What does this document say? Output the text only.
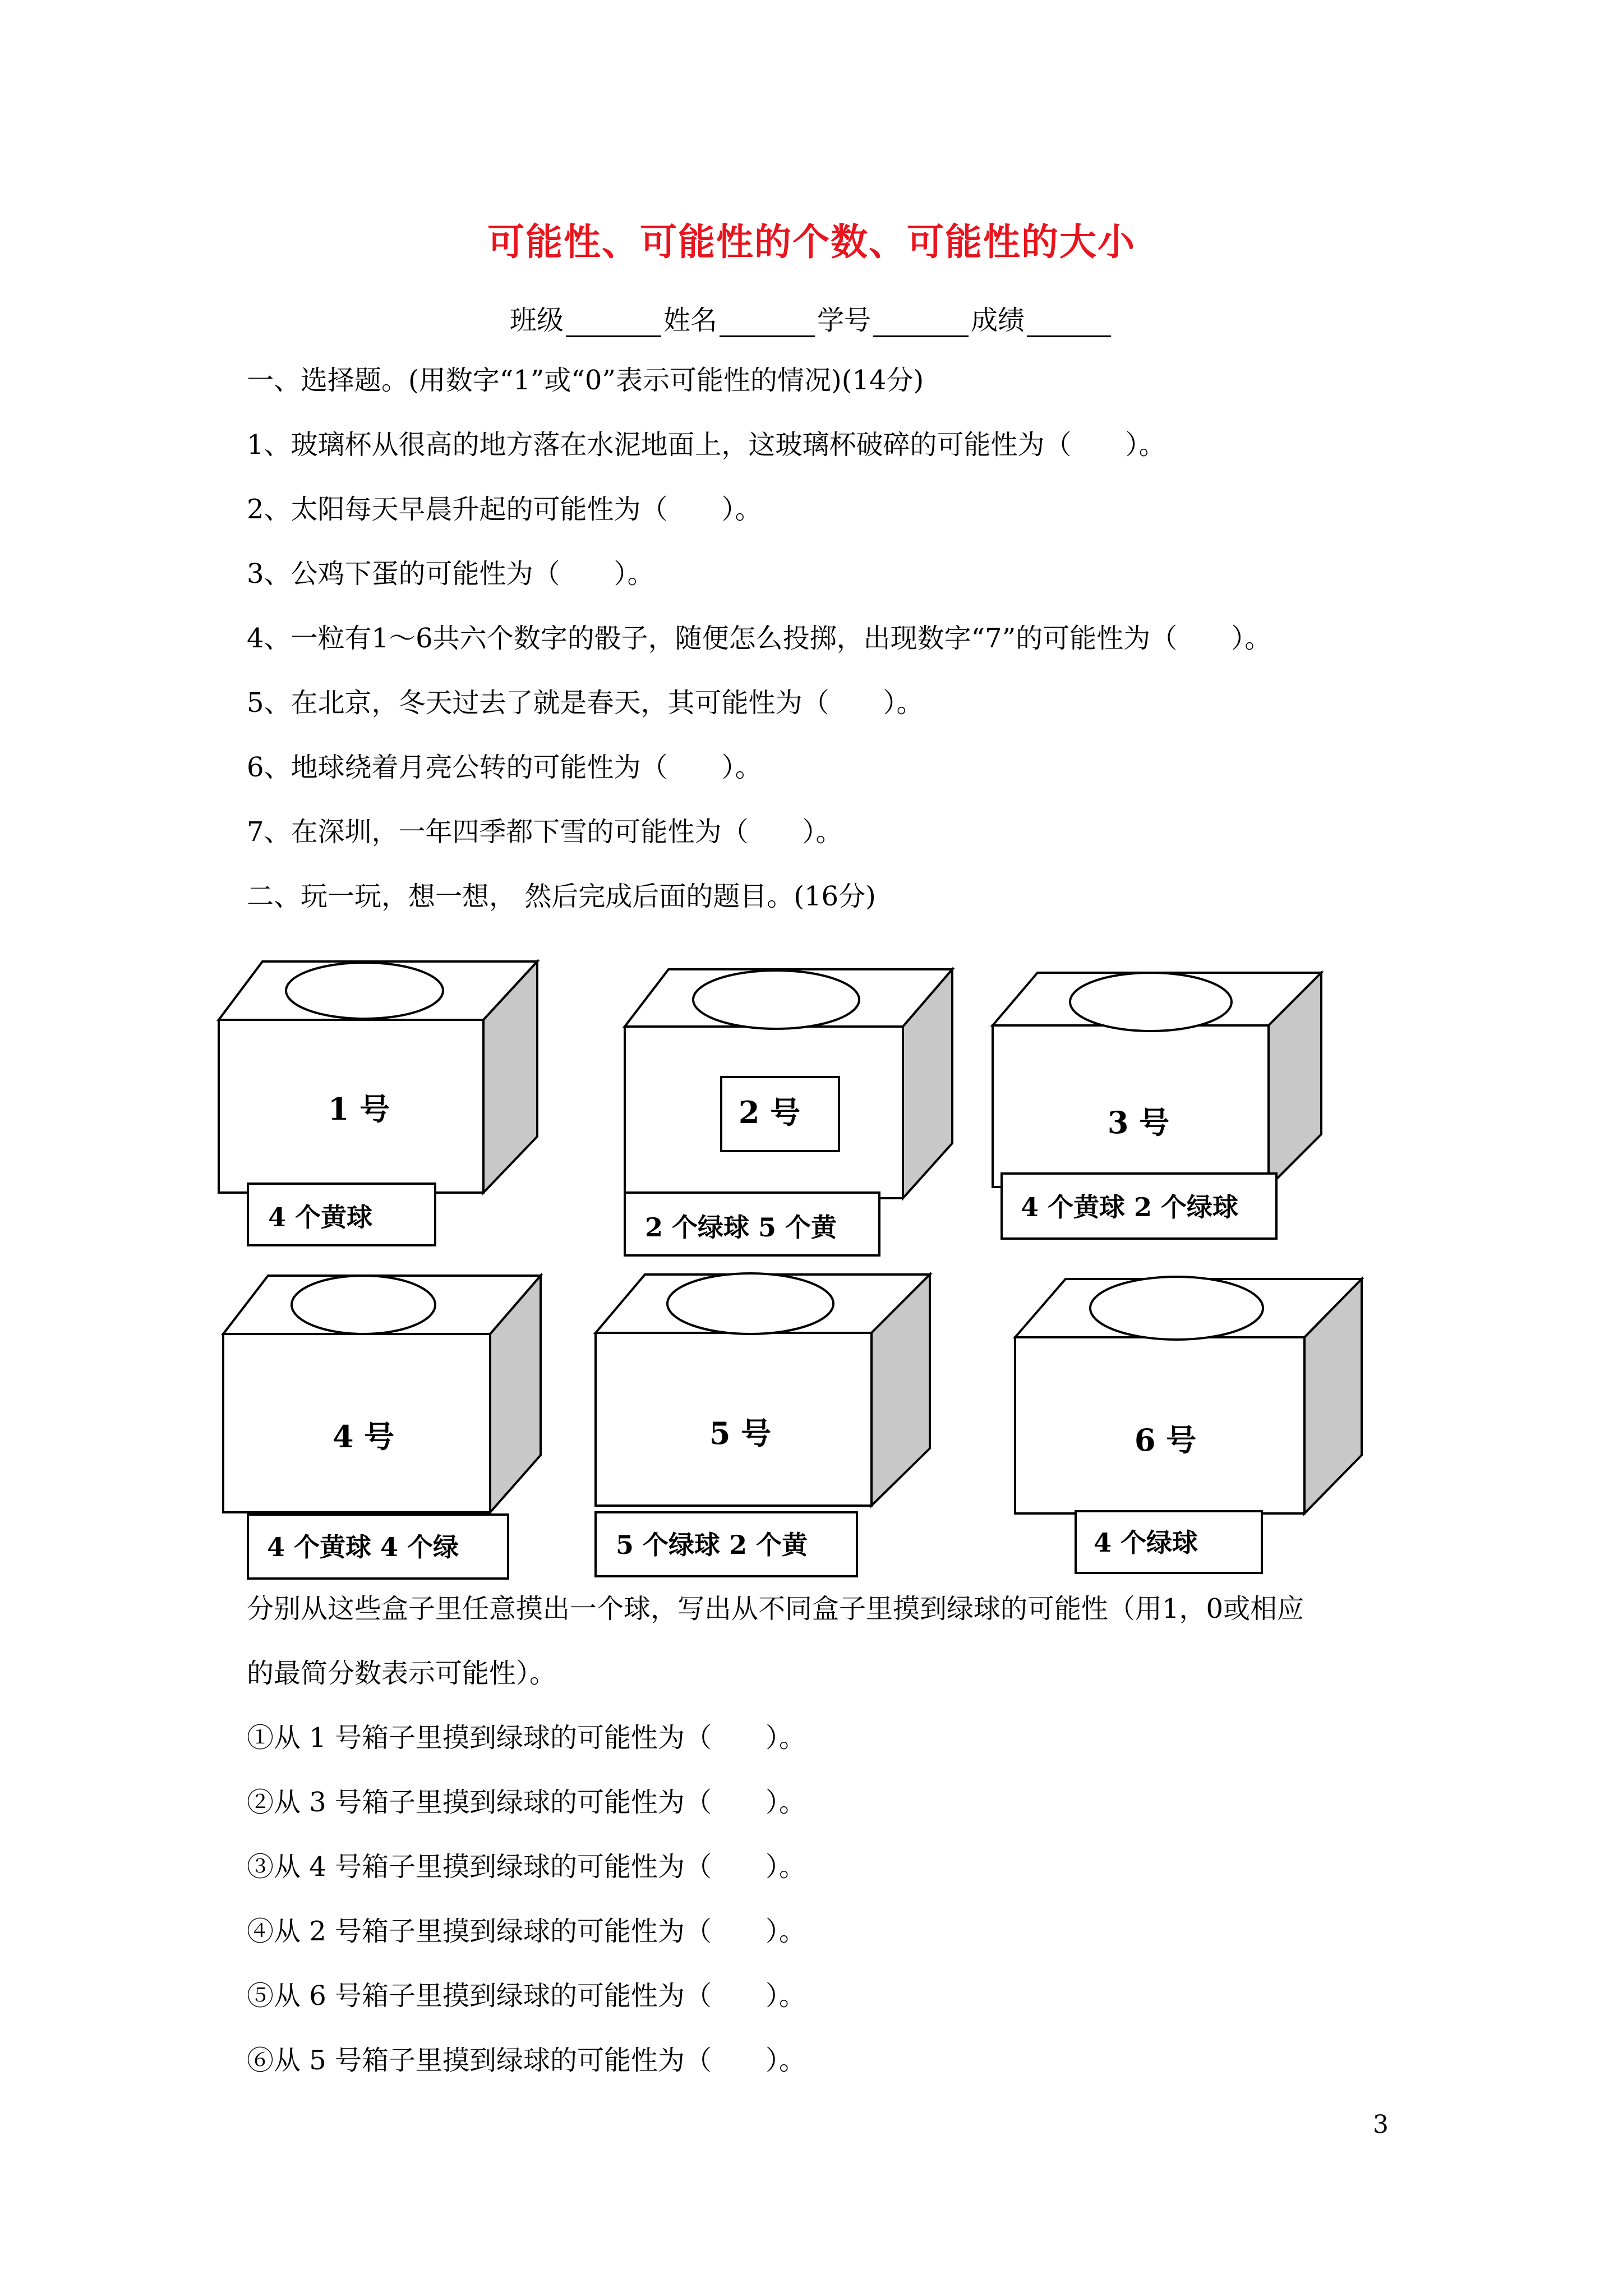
可能性、可能性的个数、可能性的大小
班级	姓名	学号	成绩
一、选择题。(用数字“1”或“0”表示可能性的情况)(14分)
1、玻璃杯从很高的地方落在水泥地面上，这玻璃杯破碎的可能性为（　　）。
2、太阳每天早晨升起的可能性为（　　）。
3、公鸡下蛋的可能性为（　　）。
4、一粒有1～6共六个数字的骰子，随便怎么投掷，出现数字“7”的可能性为（　　）。
5、在北京，冬天过去了就是春天，其可能性为（　　）。
6、地球绕着月亮公转的可能性为（　　）。
7、在深圳，一年四季都下雪的可能性为（　　）。
二、玩一玩，想一想， 然后完成后面的题目。(16分)
1 号	2 号	3 号
4 号	5 号	6 号
4 个黄球	2 个绿球 5 个黄
4 个黄球 2 个绿球
4 个黄球 4 个绿	5 个绿球 2 个黄	4 个绿球
分别从这些盒子里任意摸出一个球，写出从不同盒子里摸到绿球的可能性（用1，0或相应
的最简分数表示可能性）。
①从 1 号箱子里摸到绿球的可能性为（　　）。
②从 3 号箱子里摸到绿球的可能性为（　　）。
③从 4 号箱子里摸到绿球的可能性为（　　）。
④从 2 号箱子里摸到绿球的可能性为（　　）。
⑤从 6 号箱子里摸到绿球的可能性为（　　）。
⑥从 5 号箱子里摸到绿球的可能性为（　　）。
3
